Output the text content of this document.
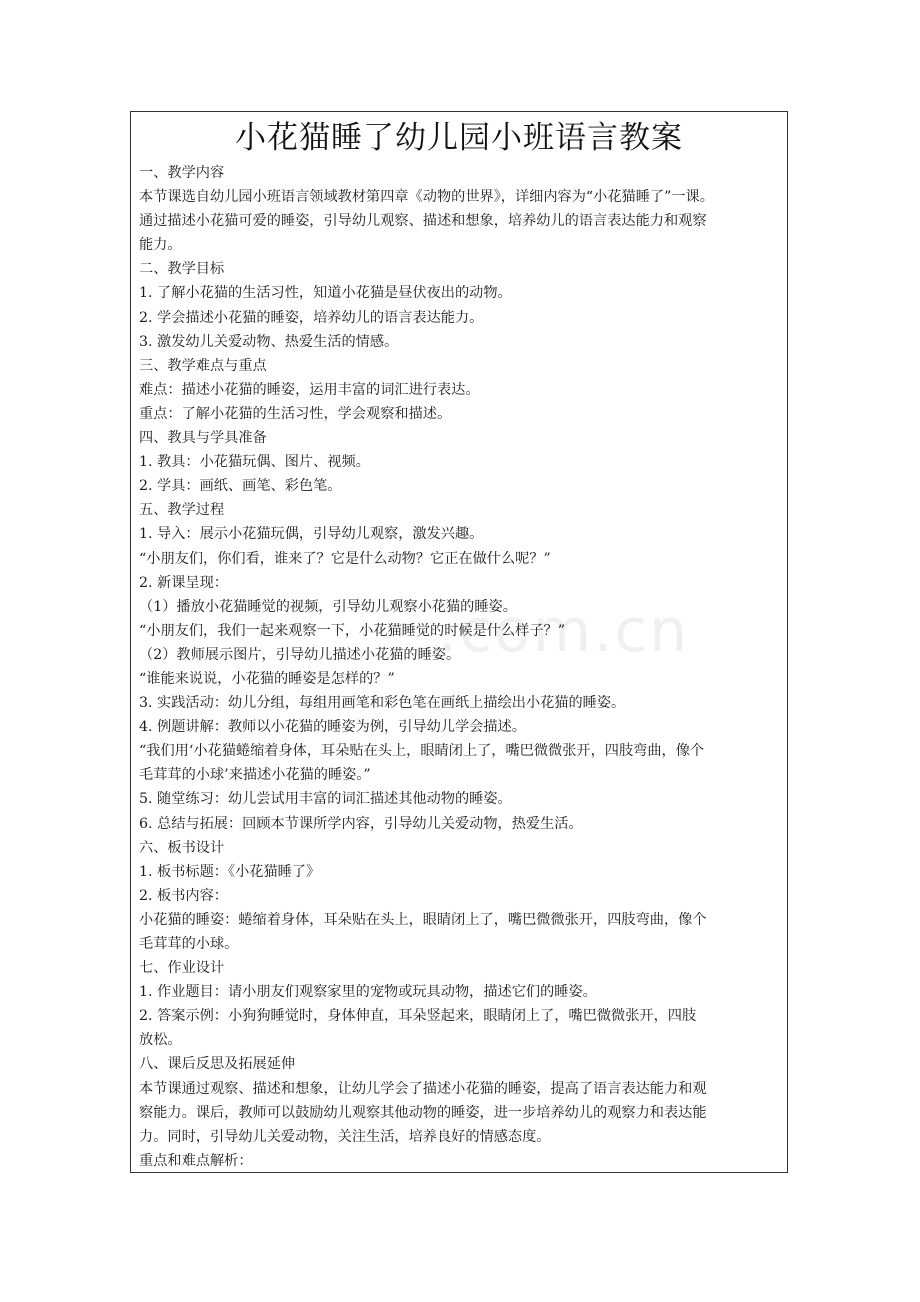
小花猫睡了幼儿园小班语言教案
一、教学内容
本节课选自幼儿园小班语言领域教材第四章《动物的世界》，详细内容为“小花猫睡了”一课。
通过描述小花猫可爱的睡姿，引导幼儿观察、描述和想象，培养幼儿的语言表达能力和观察
能力。
二、教学目标
1. 了解小花猫的生活习性，知道小花猫是昼伏夜出的动物。
2. 学会描述小花猫的睡姿，培养幼儿的语言表达能力。
3. 激发幼儿关爱动物、热爱生活的情感。
三、教学难点与重点
难点：描述小花猫的睡姿，运用丰富的词汇进行表达。
重点：了解小花猫的生活习性，学会观察和描述。
四、教具与学具准备
1. 教具：小花猫玩偶、图片、视频。
2. 学具：画纸、画笔、彩色笔。
五、教学过程
1. 导入：展示小花猫玩偶，引导幼儿观察，激发兴趣。
“小朋友们，你们看，谁来了？它是什么动物？它正在做什么呢？”
2. 新课呈现：
（1）播放小花猫睡觉的视频，引导幼儿观察小花猫的睡姿。
“小朋友们，我们一起来观察一下，小花猫睡觉的时候是什么样子？”
（2）教师展示图片，引导幼儿描述小花猫的睡姿。
“谁能来说说，小花猫的睡姿是怎样的？”
3. 实践活动：幼儿分组，每组用画笔和彩色笔在画纸上描绘出小花猫的睡姿。
4. 例题讲解：教师以小花猫的睡姿为例，引导幼儿学会描述。
“我们用‘小花猫蜷缩着身体，耳朵贴在头上，眼睛闭上了，嘴巴微微张开，四肢弯曲，像个
毛茸茸的小球’来描述小花猫的睡姿。”
5. 随堂练习：幼儿尝试用丰富的词汇描述其他动物的睡姿。
6. 总结与拓展：回顾本节课所学内容，引导幼儿关爱动物，热爱生活。
六、板书设计
1. 板书标题：《小花猫睡了》
2. 板书内容：
小花猫的睡姿：蜷缩着身体，耳朵贴在头上，眼睛闭上了，嘴巴微微张开，四肢弯曲，像个
毛茸茸的小球。
七、作业设计
1. 作业题目：请小朋友们观察家里的宠物或玩具动物，描述它们的睡姿。
2. 答案示例：小狗狗睡觉时，身体伸直，耳朵竖起来，眼睛闭上了，嘴巴微微张开，四肢
放松。
八、课后反思及拓展延伸
本节课通过观察、描述和想象，让幼儿学会了描述小花猫的睡姿，提高了语言表达能力和观
察能力。课后，教师可以鼓励幼儿观察其他动物的睡姿，进一步培养幼儿的观察力和表达能
力。同时，引导幼儿关爱动物，关注生活，培养良好的情感态度。
重点和难点解析：
.com.cn
